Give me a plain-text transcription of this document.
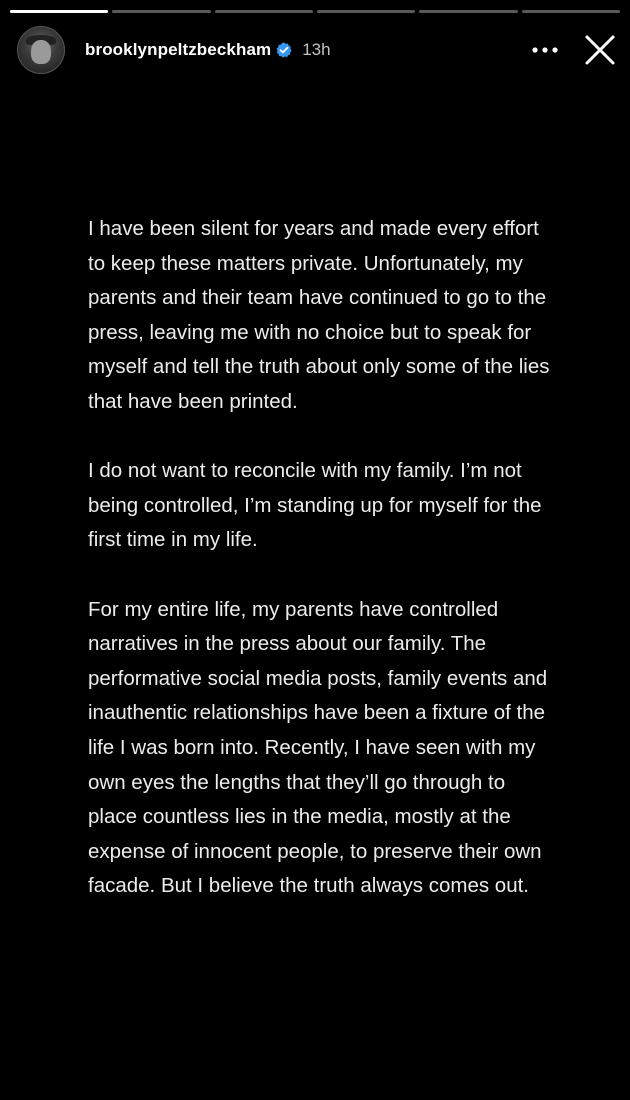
brooklynpeltzbeckham 13h

I have been silent for years and made every effort to keep these matters private. Unfortunately, my parents and their team have continued to go to the press, leaving me with no choice but to speak for myself and tell the truth about only some of the lies that have been printed.

I do not want to reconcile with my family. I’m not being controlled, I’m standing up for myself for the first time in my life.

For my entire life, my parents have controlled narratives in the press about our family. The performative social media posts, family events and inauthentic relationships have been a fixture of the life I was born into. Recently, I have seen with my own eyes the lengths that they’ll go through to place countless lies in the media, mostly at the expense of innocent people, to preserve their own facade. But I believe the truth always comes out.
